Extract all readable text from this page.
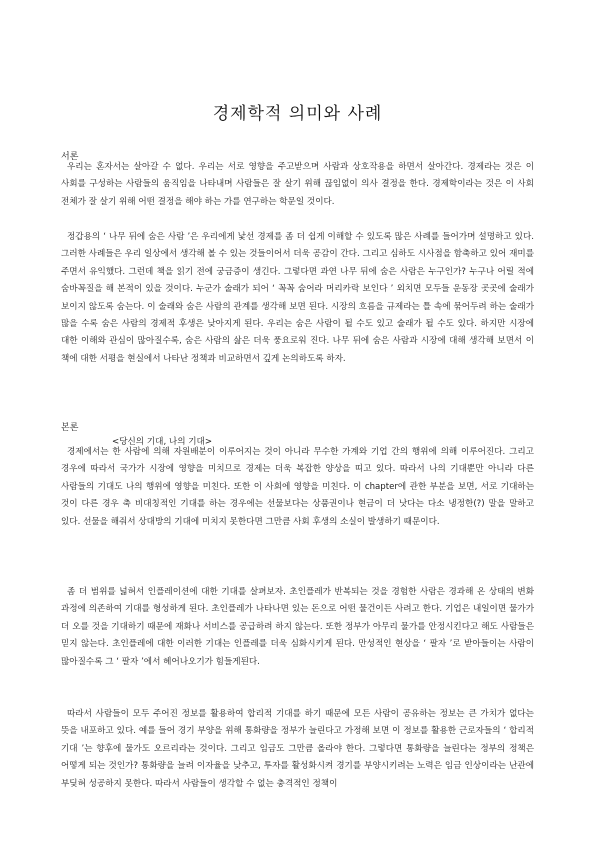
경제학적 의미와 사례
서론

우리는 혼자서는 살아갈 수 없다. 우리는 서로 영향을 주고받으며 사람과 상호작용을 하면서 살아간다. 경제라는 것은 이 사회를 구성하는 사람들의 움직임을 나타내며 사람들은 잘 살기 위해 끊임없이 의사 결정을 한다. 경제학이라는 것은 이 사회 전체가 잘 살기 위해 어떤 결정을 해야 하는 가를 연구하는 학문일 것이다.

정갑용의 ‘ 나무 뒤에 숨은 사람 ’은 우리에게 낯선 경제를 좀 더 쉽게 이해할 수 있도록 많은 사례를 들어가며 설명하고 있다. 그러한 사례들은 우리 일상에서 생각해 볼 수 있는 것들이어서 더욱 공감이 간다. 그리고 심하도 시사점을 함축하고 있어 재미를 주면서 유익했다. 그런데 책을 읽기 전에 궁금증이 생긴다. 그렇다면 과연 나무 뒤에 숨은 사람은 누구인가? 누구나 어릴 적에 숨바꼭질을 해 본적이 있을 것이다. 누군가 술래가 되어 ‘ 꼭꼭 숨어라 머리카락 보인다 ’ 외치면 모두들 운동장 곳곳에 술래가 보이지 않도록 숨는다. 이 술래와 숨은 사람의 관계를 생각해 보면 된다. 시장의 흐름을 규제라는 틀 속에 묶어두려 하는 술래가 많을 수록 숨은 사람의 경제적 후생은 낮아지게 된다. 우리는 숨은 사람이 될 수도 있고 술래가 될 수도 있다. 하지만 시장에 대한 이해와 관심이 많아질수록, 숨은 사람의 삶은 더욱 풍요로워 진다. 나무 뒤에 숨은 사람과 시장에 대해 생각해 보면서 이 책에 대한 서평을 현실에서 나타난 정책과 비교하면서 깊게 논의하도록 하자.

본론
<당신의 기대, 나의 기대>

경제에서는 한 사람에 의해 자원배분이 이루어지는 것이 아니라 무수한 가계와 기업 간의 행위에 의해 이루어진다. 그리고 경우에 따라서 국가가 시장에 영향을 미치므로 경제는 더욱 복잡한 양상을 띠고 있다. 따라서 나의 기대뿐만 아니라 다른 사람들의 기대도 나의 행위에 영향을 미친다. 또한 이 사회에 영향을 미친다. 이 chapter에 관한 부분을 보면, 서로 기대하는 것이 다른 경우 축 비대칭적인 기대를 하는 경우에는 선물보다는 상품권이나 현금이 더 낫다는 다소 냉정한(?) 말을 말하고 있다. 선물을 해줘서 상대방의 기대에 미치지 못한다면 그만큼 사회 후생의 소실이 발생하기 때문이다.

좀 더 범위를 넓혀서 인플레이션에 대한 기대를 살펴보자. 초인플레가 반복되는 것을 경험한 사람은 경과해 온 상태의 변화 과정에 의존하여 기대를 형성하게 된다. 초인플레가 나타나면 있는 돈으로 어떤 물건이든 사려고 한다. 기업은 내일이면 물가가 더 오를 것을 기대하기 때문에 재화나 서비스를 공급하려 하지 않는다. 또한 정부가 아무리 물가를 안정시킨다고 해도 사람들은 믿지 않는다. 초인플레에 대한 이러한 기대는 인플레를 더욱 심화시키게 된다. 만성적인 현상을 ‘ 팔자 ’로 받아들이는 사람이 많아질수록 그 ‘ 팔자 ’에서 헤어나오기가 힘들게된다.

따라서 사람들이 모두 주어진 정보를 활용하여 합리적 기대를 하기 때문에 모든 사람이 공유하는 정보는 큰 가치가 없다는 뜻을 내포하고 있다. 예를 들어 경기 부양을 위해 통화량을 정부가 늘린다고 가정해 보면 이 정보를 활용한 근로자들의 ‘ 합리적 기대 ’는 향후에 물가도 오르리라는 것이다. 그리고 임금도 그만큼 올라야 한다. 그렇다면 통화량을 늘린다는 정부의 정책은 어떻게 되는 것인가? 통화량을 늘려 이자율을 낮추고, 투자를 활성화시켜 경기를 부양시키려는 노력은 임금 인상이라는 난관에 부딪혀 성공하지 못한다. 따라서 사람들이 생각할 수 없는 충격적인 정책이
